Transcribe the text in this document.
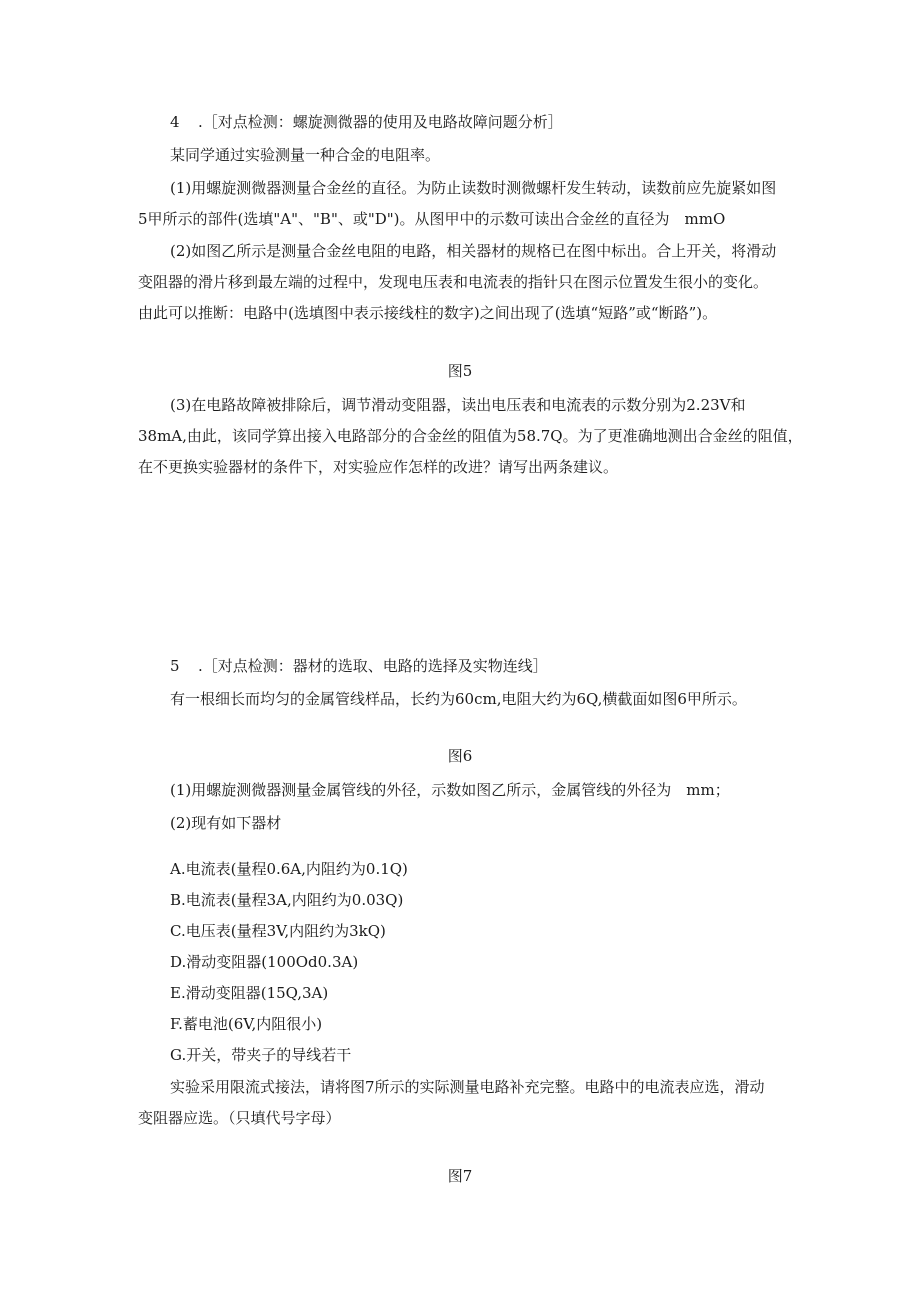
4 .［对点检测：螺旋测微器的使用及电路故障问题分析］
某同学通过实验测量一种合金的电阻率。
(1)用螺旋测微器测量合金丝的直径。为防止读数时测微螺杆发生转动，读数前应先旋紧如图
5甲所示的部件(选填"A"、"B"、或"D")。从图甲中的示数可读出合金丝的直径为　mmO
(2)如图乙所示是测量合金丝电阻的电路，相关器材的规格已在图中标出。合上开关，将滑动
变阻器的滑片移到最左端的过程中，发现电压表和电流表的指针只在图示位置发生很小的变化。
由此可以推断：电路中(选填图中表示接线柱的数字)之间出现了(选填“短路”或“断路”)。
图5
(3)在电路故障被排除后，调节滑动变阻器，读出电压表和电流表的示数分别为2.23V和
38mA,由此，该同学算出接入电路部分的合金丝的阻值为58.7Q。为了更准确地测出合金丝的阻值，
在不更换实验器材的条件下，对实验应作怎样的改进？请写出两条建议。
5 .［对点检测：器材的选取、电路的选择及实物连线］
有一根细长而均匀的金属管线样品，长约为60cm,电阻大约为6Q,横截面如图6甲所示。
图6
(1)用螺旋测微器测量金属管线的外径，示数如图乙所示，金属管线的外径为　mm；
(2)现有如下器材
A.电流表(量程0.6A,内阻约为0.1Q)
B.电流表(量程3A,内阻约为0.03Q)
C.电压表(量程3V,内阻约为3kQ)
D.滑动变阻器(100Od0.3A)
E.滑动变阻器(15Q,3A)
F.蓄电池(6V,内阻很小)
G.开关，带夹子的导线若干
实验采用限流式接法，请将图7所示的实际测量电路补充完整。电路中的电流表应选，滑动
变阻器应选。（只填代号字母）
图7
